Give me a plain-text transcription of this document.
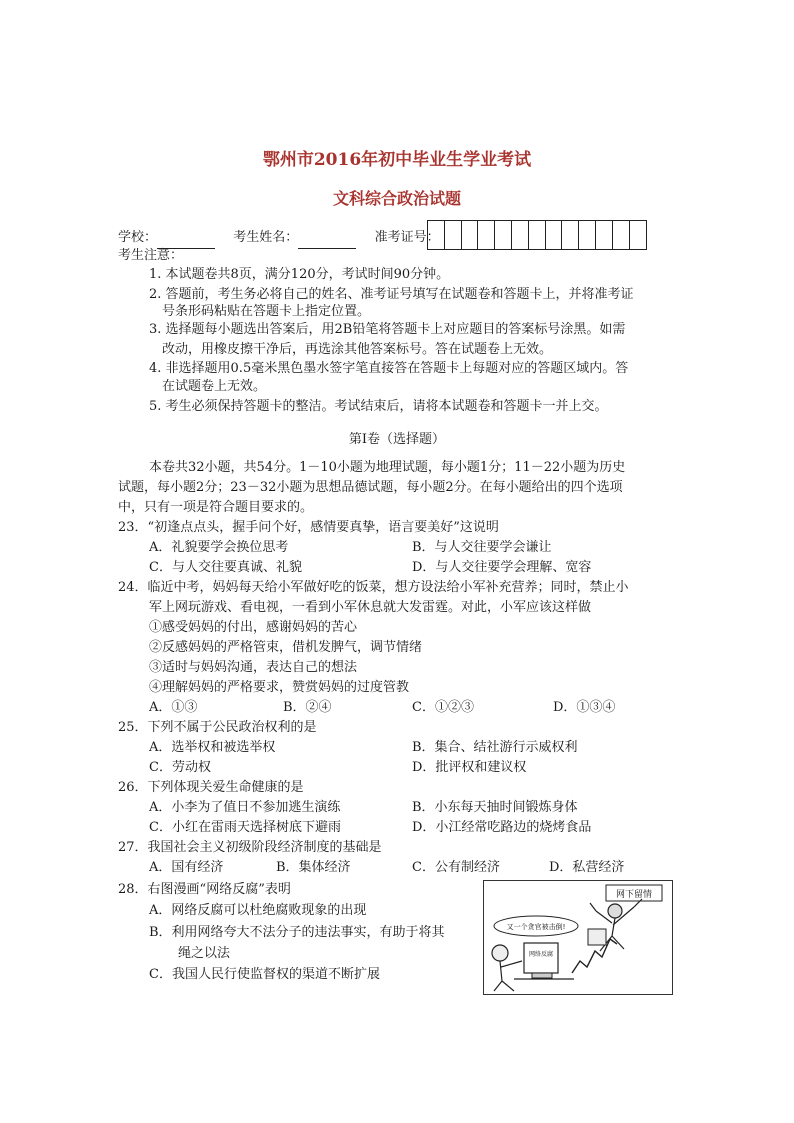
鄂州市2016年初中毕业生学业考试
文科综合政治试题
学校：	考生姓名：	准考证号：
考生注意：
1. 本试题卷共8页，满分120分，考试时间90分钟。
2. 答题前，考生务必将自己的姓名、准考证号填写在试题卷和答题卡上，并将准考证
号条形码粘贴在答题卡上指定位置。
3. 选择题每小题选出答案后，用2B铅笔将答题卡上对应题目的答案标号涂黑。如需
改动，用橡皮擦干净后，再选涂其他答案标号。答在试题卷上无效。
4. 非选择题用0.5毫米黑色墨水签字笔直接答在答题卡上每题对应的答题区域内。答
在试题卷上无效。
5. 考生必须保持答题卡的整洁。考试结束后，请将本试题卷和答题卡一并上交。
第Ⅰ卷（选择题）
本卷共32小题，共54分。1－10小题为地理试题，每小题1分；11－22小题为历史
试题，每小题2分；23－32小题为思想品德试题，每小题2分。在每小题给出的四个选项
中，只有一项是符合题目要求的。
23．“初逢点点头，握手问个好，感情要真挚，语言要美好”这说明
A．礼貌要学会换位思考	B．与人交往要学会谦让
C．与人交往要真诚、礼貌	D．与人交往要学会理解、宽容
24．临近中考，妈妈每天给小军做好吃的饭菜，想方设法给小军补充营养；同时，禁止小
军上网玩游戏、看电视，一看到小军休息就大发雷霆。对此，小军应该这样做
①感受妈妈的付出，感谢妈妈的苦心
②反感妈妈的严格管束，借机发脾气，调节情绪
③适时与妈妈沟通，表达自己的想法
④理解妈妈的严格要求，赞赏妈妈的过度管教
A．①③	B．②④	C．①②③	D．①③④
25．下列不属于公民政治权利的是
A．选举权和被选举权	B．集合、结社游行示威权利
C．劳动权	D．批评权和建议权
26．下列体现关爱生命健康的是
A．小李为了值日不参加逃生演练	B．小东每天抽时间锻炼身体
C．小红在雷雨天选择树底下避雨	D．小江经常吃路边的烧烤食品
27．我国社会主义初级阶段经济制度的基础是
A．国有经济	B．集体经济	C．公有制经济	D．私营经济
28．右图漫画“网络反腐”表明
A．网络反腐可以杜绝腐败现象的出现
B．利用网络夸大不法分子的违法事实，有助于将其
绳之以法
C．我国人民行使监督权的渠道不断扩展
网下留情
又一个贪官被击倒!
网络反腐
